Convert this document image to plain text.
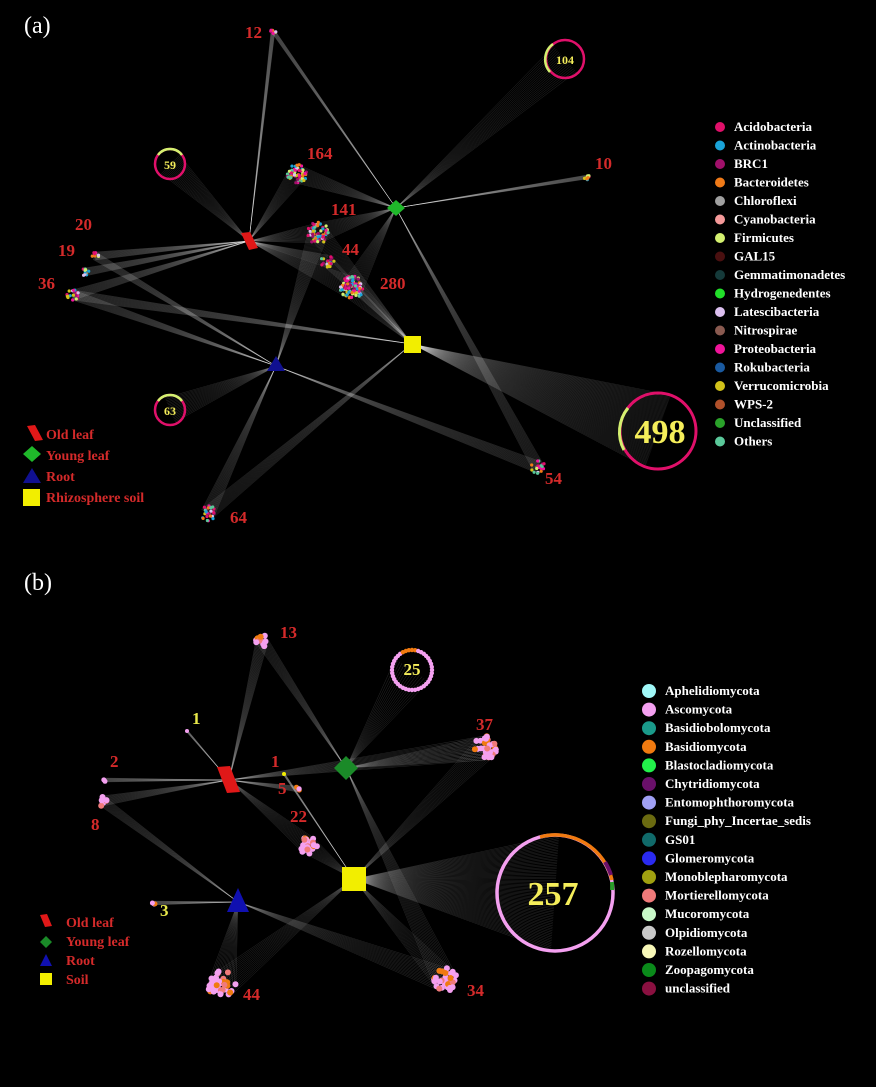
(a)
104
59
63
498
12
164
10
141
20
44
19
280
36
54
64
Old leaf
Young leaf
Root
Rhizosphere soil
Acidobacteria
Actinobacteria
BRC1
Bacteroidetes
Chloroflexi
Cyanobacteria
Firmicutes
GAL15
Gemmatimonadetes
Hydrogenedentes
Latescibacteria
Nitrospirae
Proteobacteria
Rokubacteria
Verrucomicrobia
WPS-2
Unclassified
Others
(b)
25
257
13
1	37
2	1
5
8	22
3
44	34
Old leaf
Young leaf
Root
Soil
Aphelidiomycota
Ascomycota
Basidiobolomycota
Basidiomycota
Blastocladiomycota
Chytridiomycota
Entomophthoromycota
Fungi_phy_Incertae_sedis
GS01
Glomeromycota
Monoblepharomycota
Mortierellomycota
Mucoromycota
Olpidiomycota
Rozellomycota
Zoopagomycota
unclassified
